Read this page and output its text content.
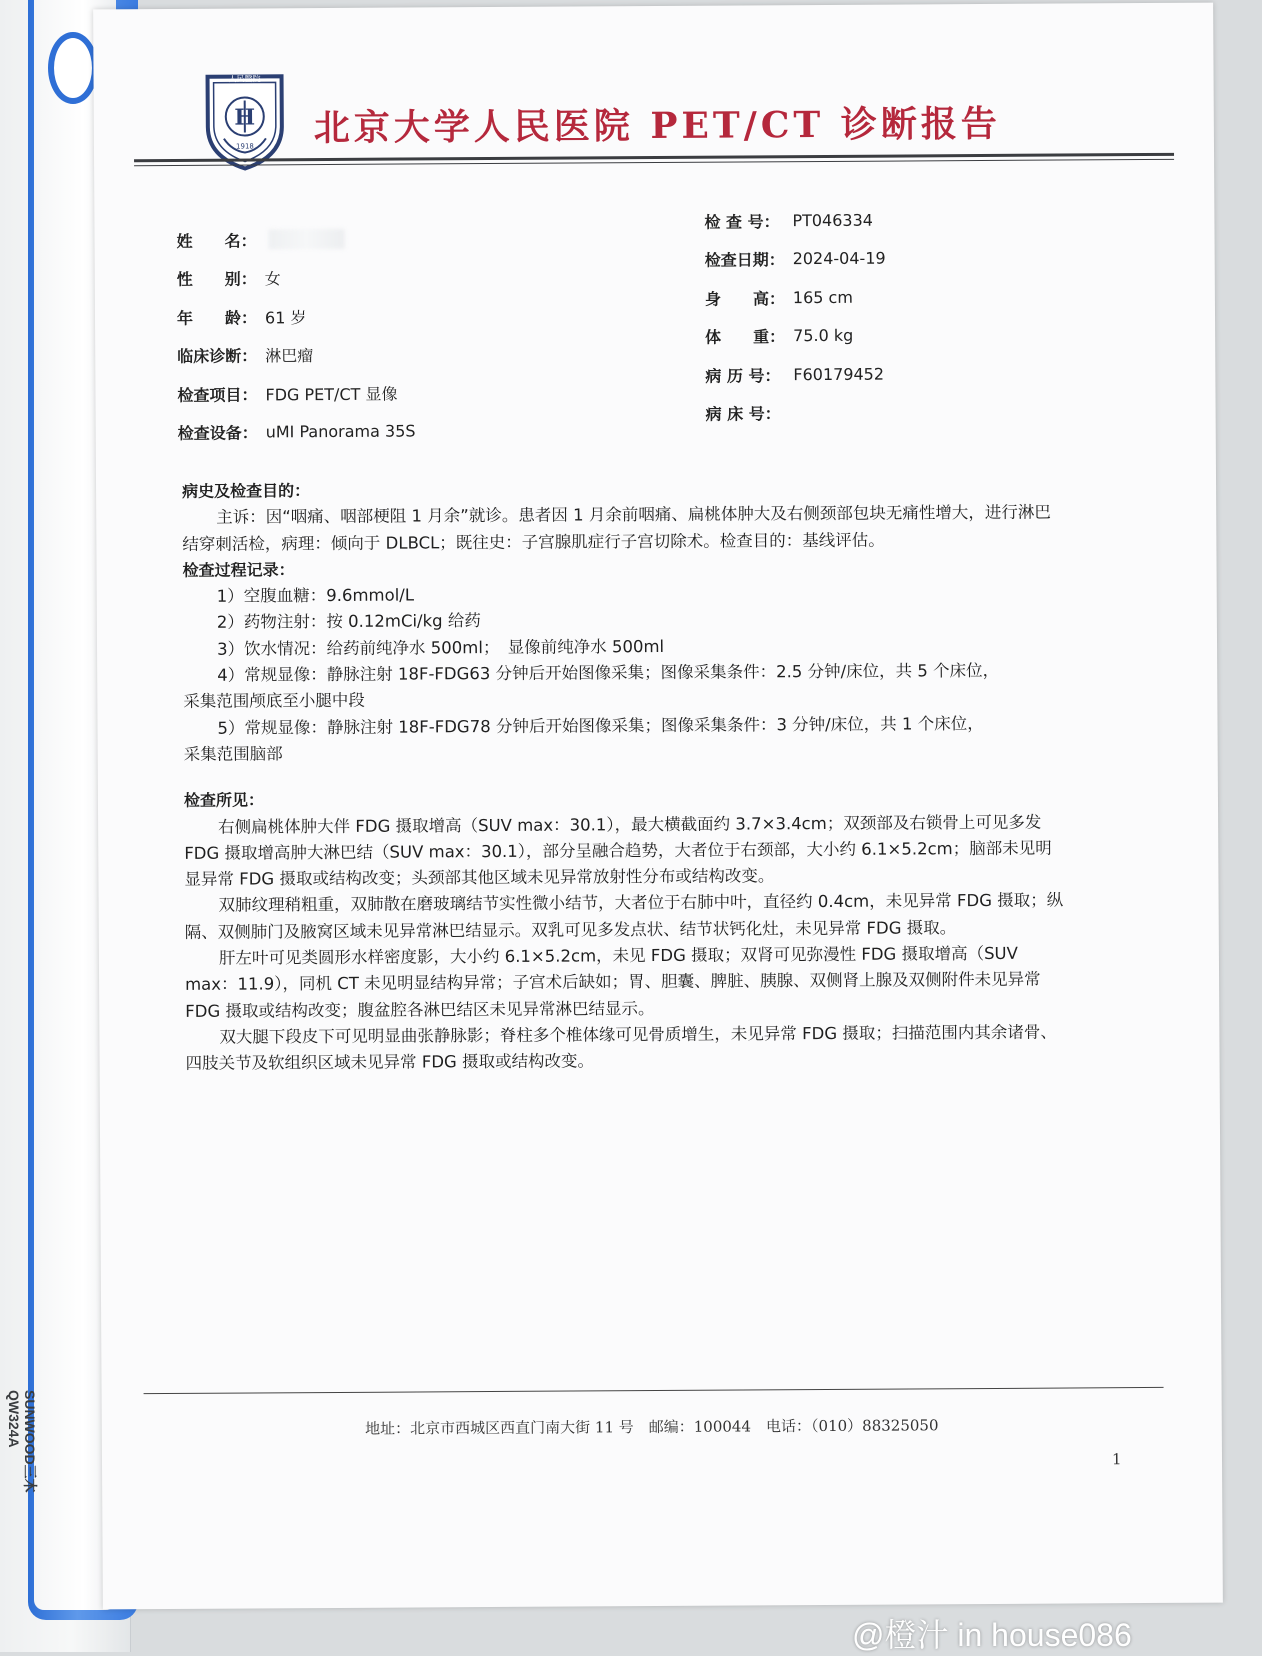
SUNWOOD三木
QW324A
人民醫院
H
1918 北京大学人民医院 PET/CT 诊断报告
姓　　名：
性　　别： 女
年　　龄： 61 岁
临床诊断： 淋巴瘤
检查项目： FDG PET/CT 显像
检查设备： uMI Panorama 35S
检 查 号： PT046334
检查日期： 2024-04-19
身　　高： 165 cm
体　　重： 75.0 kg
病 历 号： F60179452
病 床 号：
病史及检查目的：
主诉：因“咽痛、咽部梗阻 1 月余”就诊。患者因 1 月余前咽痛、扁桃体肿大及右侧颈部包块无痛性增大，进行淋巴结穿刺活检，病理：倾向于 DLBCL；既往史：子宫腺肌症行子宫切除术。检查目的：基线评估。
检查过程记录：
1）空腹血糖：9.6mmol/L
2）药物注射：按 0.12mCi/kg 给药
3）饮水情况：给药前纯净水 500ml；　显像前纯净水 500ml
4）常规显像：静脉注射 18F-FDG63 分钟后开始图像采集；图像采集条件：2.5 分钟/床位，共 5 个床位，
采集范围颅底至小腿中段
5）常规显像：静脉注射 18F-FDG78 分钟后开始图像采集；图像采集条件：3 分钟/床位，共 1 个床位，
采集范围脑部
检查所见：
右侧扁桃体肿大伴 FDG 摄取增高（SUV max：30.1），最大横截面约 3.7×3.4cm；双颈部及右锁骨上可见多发 FDG 摄取增高肿大淋巴结（SUV max：30.1），部分呈融合趋势，大者位于右颈部，大小约 6.1×5.2cm；脑部未见明显异常 FDG 摄取或结构改变；头颈部其他区域未见异常放射性分布或结构改变。
双肺纹理稍粗重，双肺散在磨玻璃结节实性微小结节，大者位于右肺中叶，直径约 0.4cm，未见异常 FDG 摄取；纵隔、双侧肺门及腋窝区域未见异常淋巴结显示。双乳可见多发点状、结节状钙化灶，未见异常 FDG 摄取。
肝左叶可见类圆形水样密度影，大小约 6.1×5.2cm，未见 FDG 摄取；双肾可见弥漫性 FDG 摄取增高（SUV max：11.9），同机 CT 未见明显结构异常；子宫术后缺如；胃、胆囊、脾脏、胰腺、双侧肾上腺及双侧附件未见异常 FDG 摄取或结构改变；腹盆腔各淋巴结区未见异常淋巴结显示。
双大腿下段皮下可见明显曲张静脉影；脊柱多个椎体缘可见骨质增生，未见异常 FDG 摄取；扫描范围内其余诸骨、四肢关节及软组织区域未见异常 FDG 摄取或结构改变。
地址：北京市西城区西直门南大街 11 号　邮编：100044　电话：（010）88325050
1
@橙汁 in house086
